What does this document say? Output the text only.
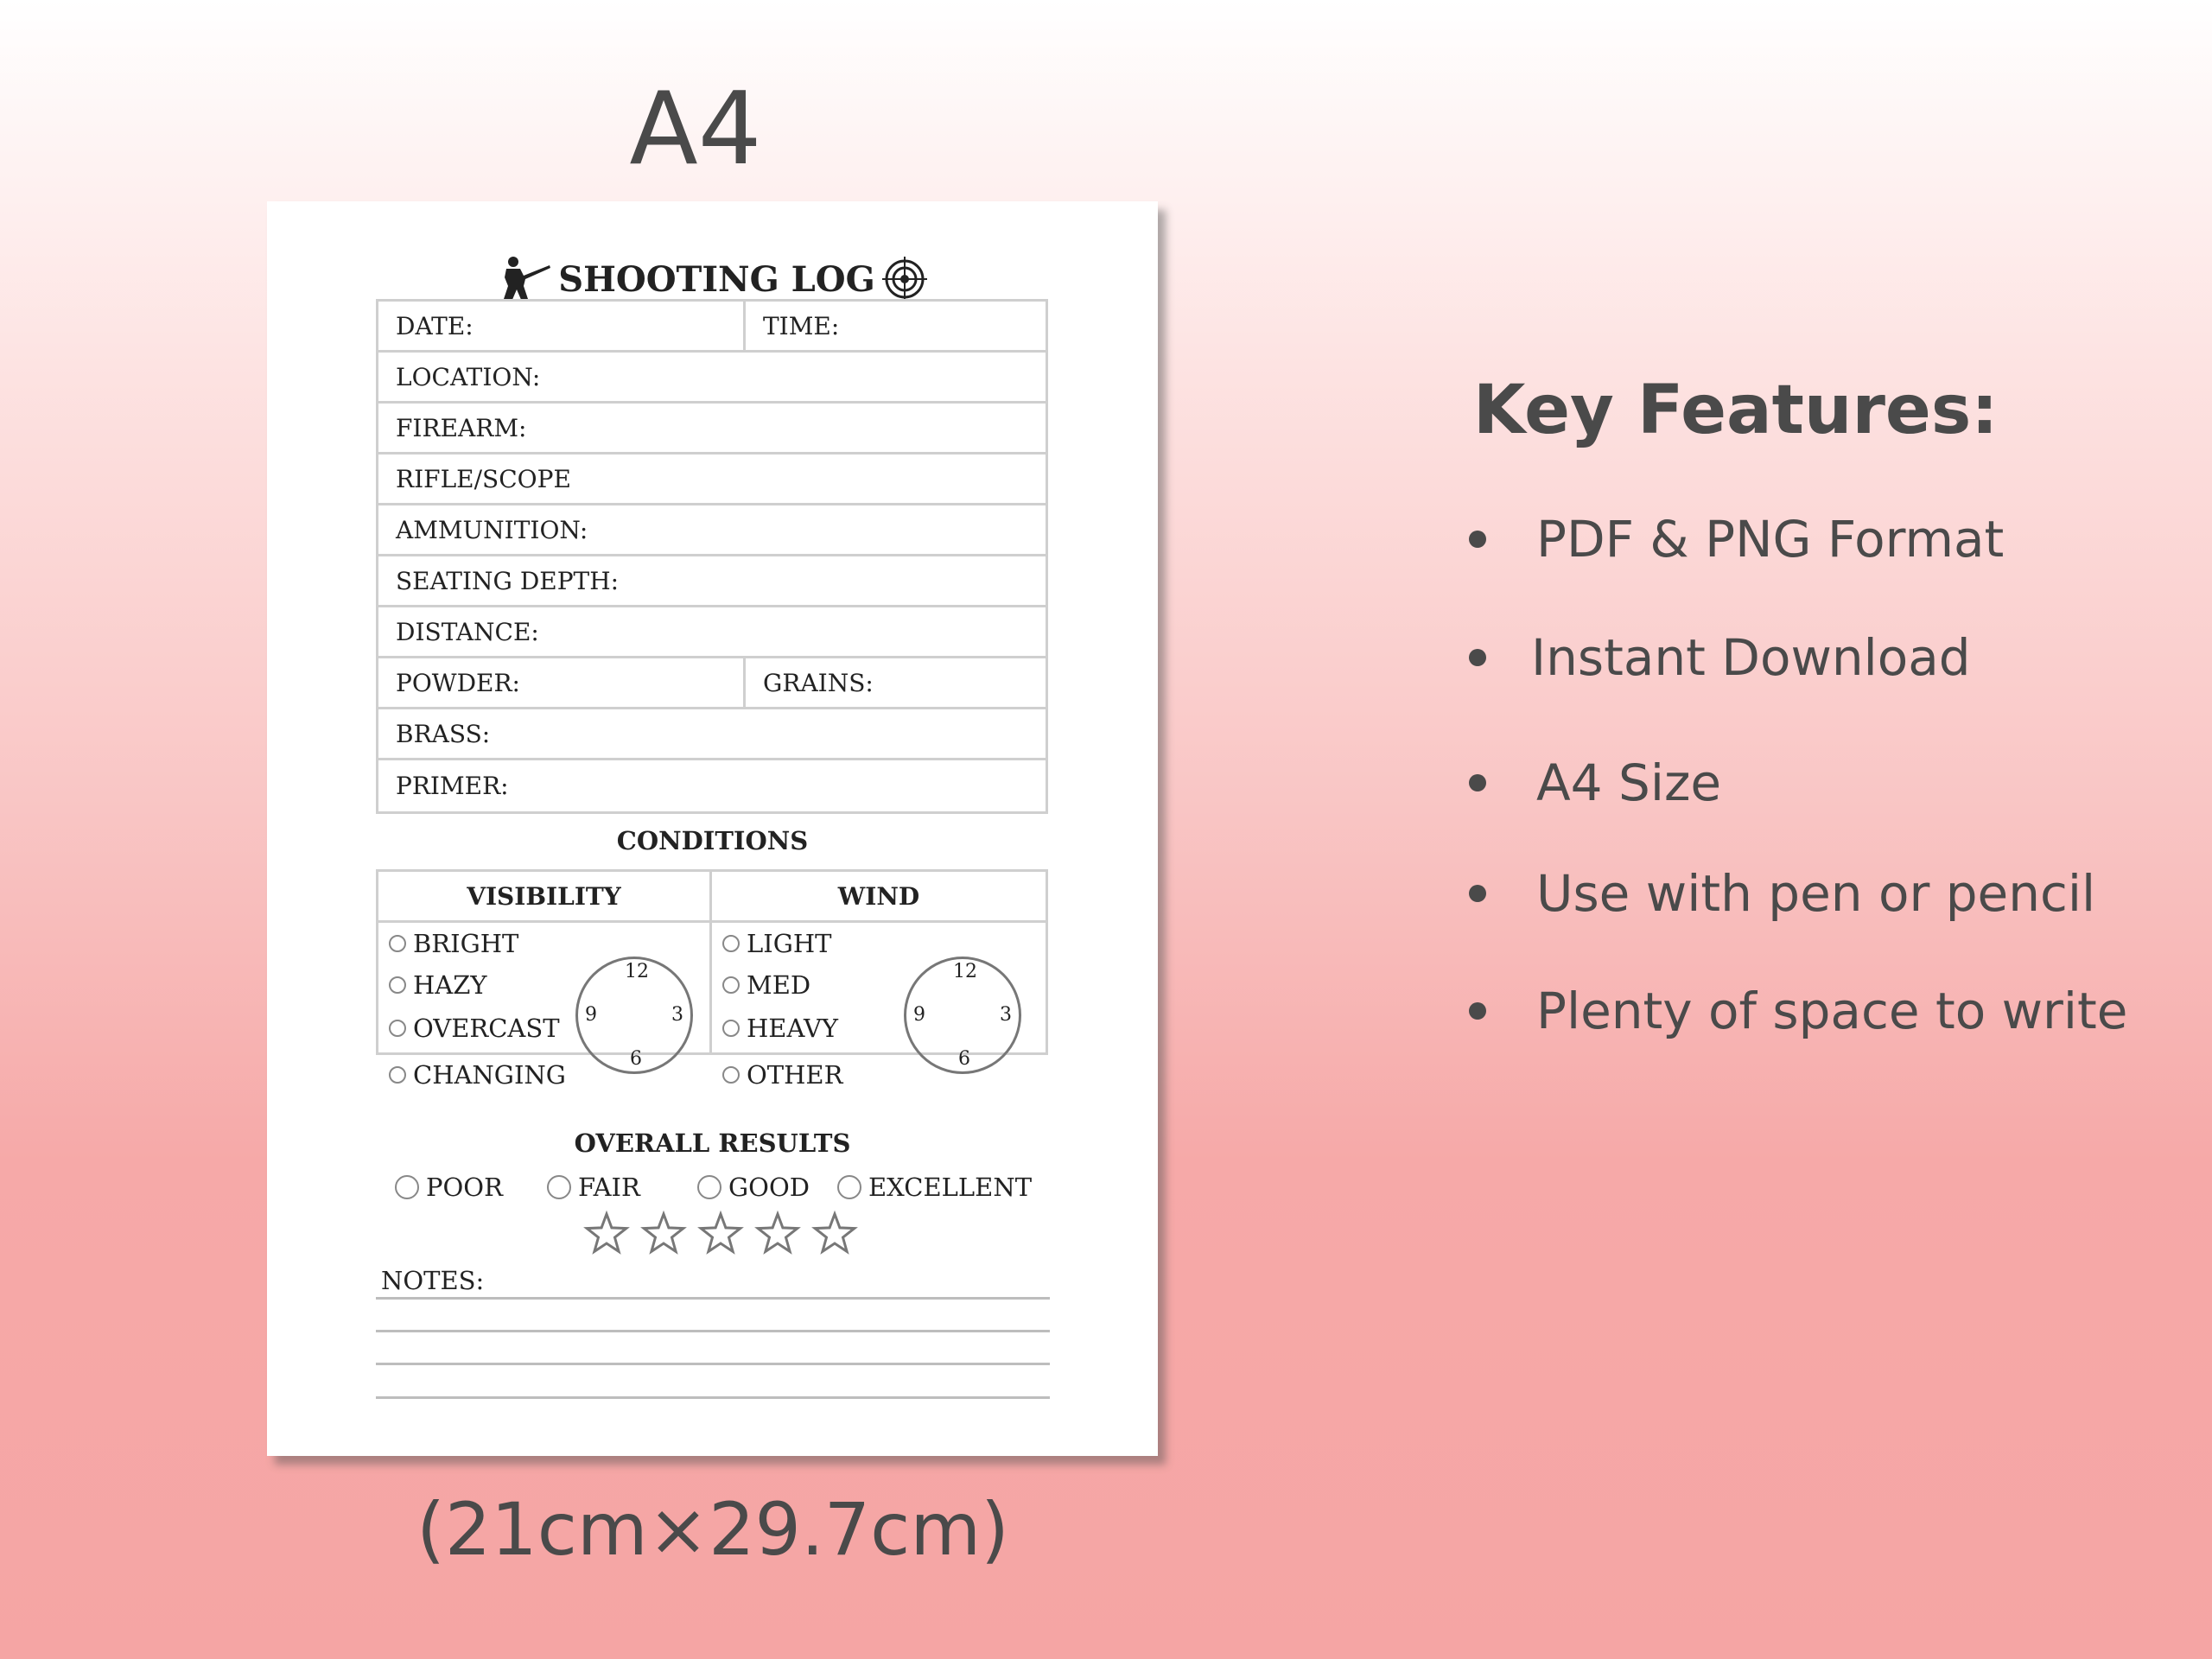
A4
SHOOTING LOG
DATE:	TIME:
LOCATION:
FIREARM:
RIFLE/SCOPE
AMMUNITION:
SEATING DEPTH:
DISTANCE:
POWDER:	GRAINS:
BRASS:
PRIMER:
CONDITIONS
VISIBILITY
BRIGHT
HAZY
OVERCAST
CHANGING
12
3
6
9
WIND
LIGHT
MED
HEAVY
OTHER
12
3
6
9
OVERALL RESULTS
POOR	FAIR	GOOD EXCELLENT
NOTES:
(21cm×29.7cm)
Key Features:
PDF & PNG Format
Instant Download
A4 Size
Use with pen or pencil
Plenty of space to write
